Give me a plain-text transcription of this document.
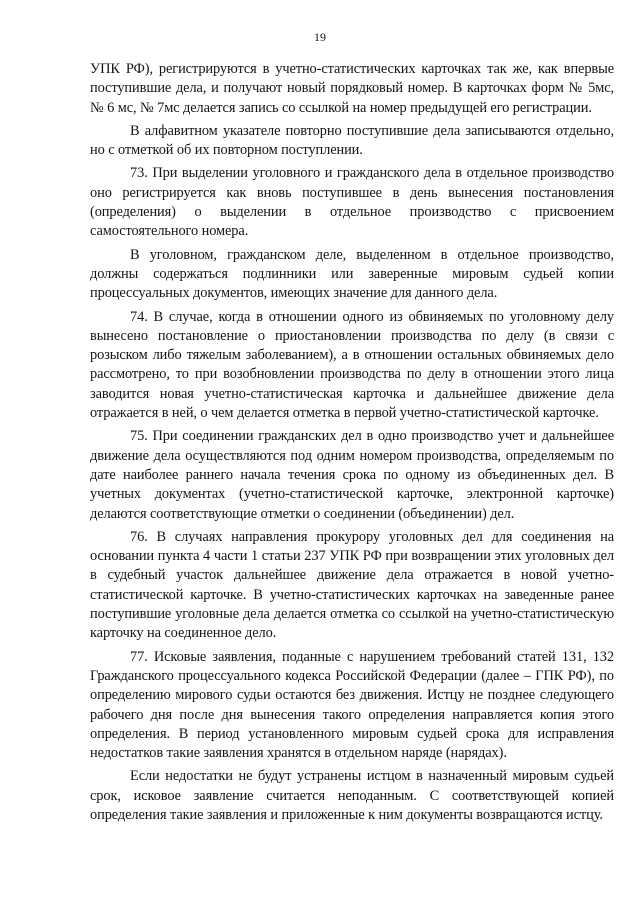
19

УПК РФ), регистрируются в учетно-статистических карточках так же, как впервые поступившие дела, и получают новый порядковый номер. В карточках форм № 5мс, № 6 мс, № 7мс делается запись со ссылкой на номер предыдущей его регистрации.

В алфавитном указателе повторно поступившие дела записываются отдельно, но с отметкой об их повторном поступлении.

73. При выделении уголовного и гражданского дела в отдельное производство оно регистрируется как вновь поступившее в день вынесения постановления (определения) о выделении в отдельное производство с присвоением самостоятельного номера.

В уголовном, гражданском деле, выделенном в отдельное производство, должны содержаться подлинники или заверенные мировым судьей копии процессуальных документов, имеющих значение для данного дела.

74. В случае, когда в отношении одного из обвиняемых по уголовному делу вынесено постановление о приостановлении производства по делу (в связи с розыском либо тяжелым заболеванием), а в отношении остальных обвиняемых дело рассмотрено, то при возобновлении производства по делу в отношении этого лица заводится новая учетно-статистическая карточка и дальнейшее движение дела отражается в ней, о чем делается отметка в первой учетно-статистической карточке.

75. При соединении гражданских дел в одно производство учет и дальнейшее движение дела осуществляются под одним номером производства, определяемым по дате наиболее раннего начала течения срока по одному из объединенных дел. В учетных документах (учетно-статистической карточке, электронной карточке) делаются соответствующие отметки о соединении (объединении) дел.

76. В случаях направления прокурору уголовных дел для соединения на основании пункта 4 части 1 статьи 237 УПК РФ при возвращении этих уголовных дел в судебный участок дальнейшее движение дела отражается в новой учетно-статистической карточке. В учетно-статистических карточках на заведенные ранее поступившие уголовные дела делается отметка со ссылкой на учетно-статистическую карточку на соединенное дело.

77. Исковые заявления, поданные с нарушением требований статей 131, 132 Гражданского процессуального кодекса Российской Федерации (далее – ГПК РФ), по определению мирового судьи остаются без движения. Истцу не позднее следующего рабочего дня после дня вынесения такого определения направляется копия этого определения. В период установленного мировым судьей срока для исправления недостатков такие заявления хранятся в отдельном наряде (нарядах).

Если недостатки не будут устранены истцом в назначенный мировым судьей срок, исковое заявление считается неподанным. С соответствующей копией определения такие заявления и приложенные к ним документы возвращаются истцу.
